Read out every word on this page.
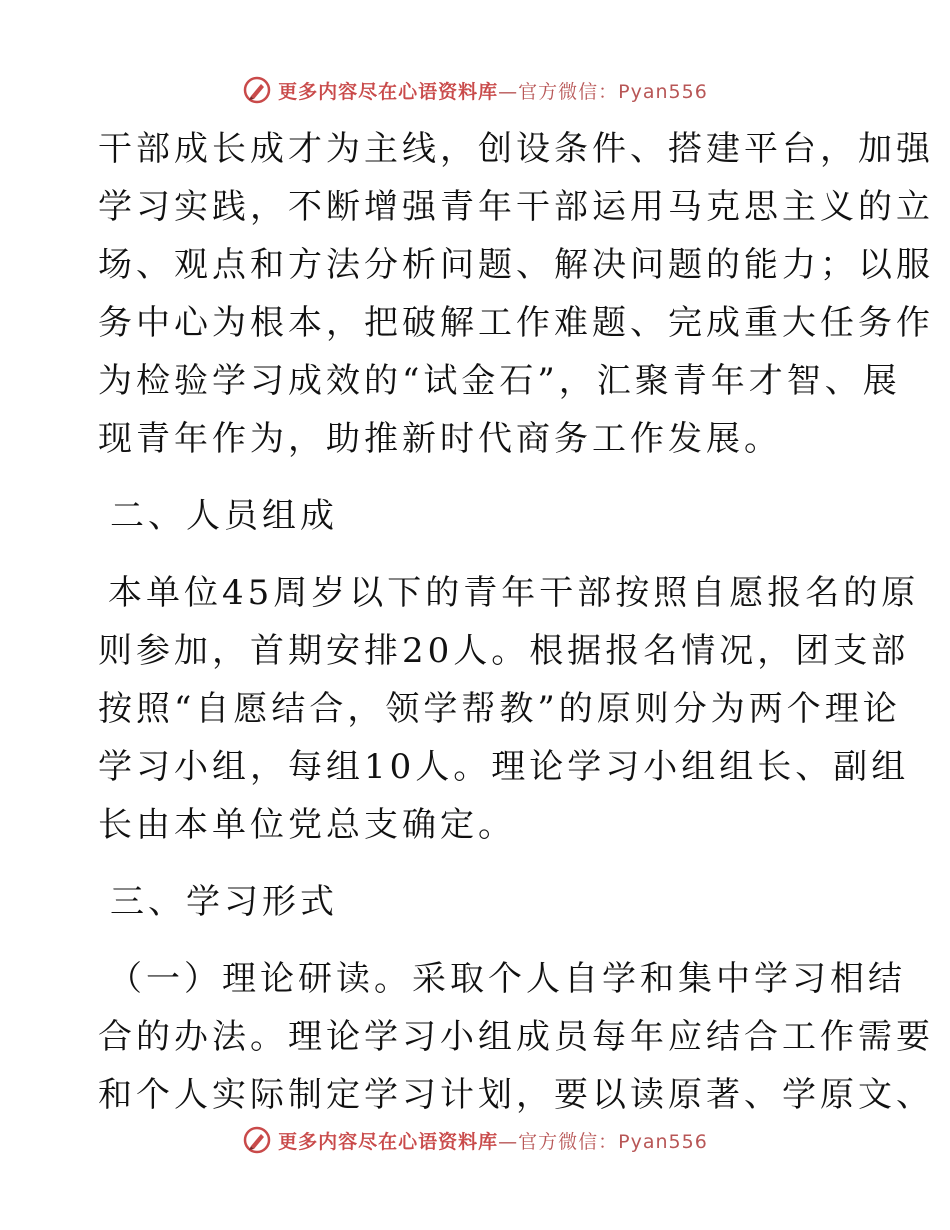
更多内容尽在心语资料库—官方微信：Pyan556
干部成长成才为主线，创设条件、搭建平台，加强
学习实践，不断增强青年干部运用马克思主义的立
场、观点和方法分析问题、解决问题的能力；以服
务中心为根本，把破解工作难题、完成重大任务作
为检验学习成效的“试金石”，汇聚青年才智、展
现青年作为，助推新时代商务工作发展。
二、人员组成
本单位45周岁以下的青年干部按照自愿报名的原
则参加，首期安排20人。根据报名情况，团支部
按照“自愿结合，领学帮教”的原则分为两个理论
学习小组，每组10人。理论学习小组组长、副组
长由本单位党总支确定。
三、学习形式
（一）理论研读。采取个人自学和集中学习相结
合的办法。理论学习小组成员每年应结合工作需要
和个人实际制定学习计划，要以读原著、学原文、
更多内容尽在心语资料库—官方微信：Pyan556
